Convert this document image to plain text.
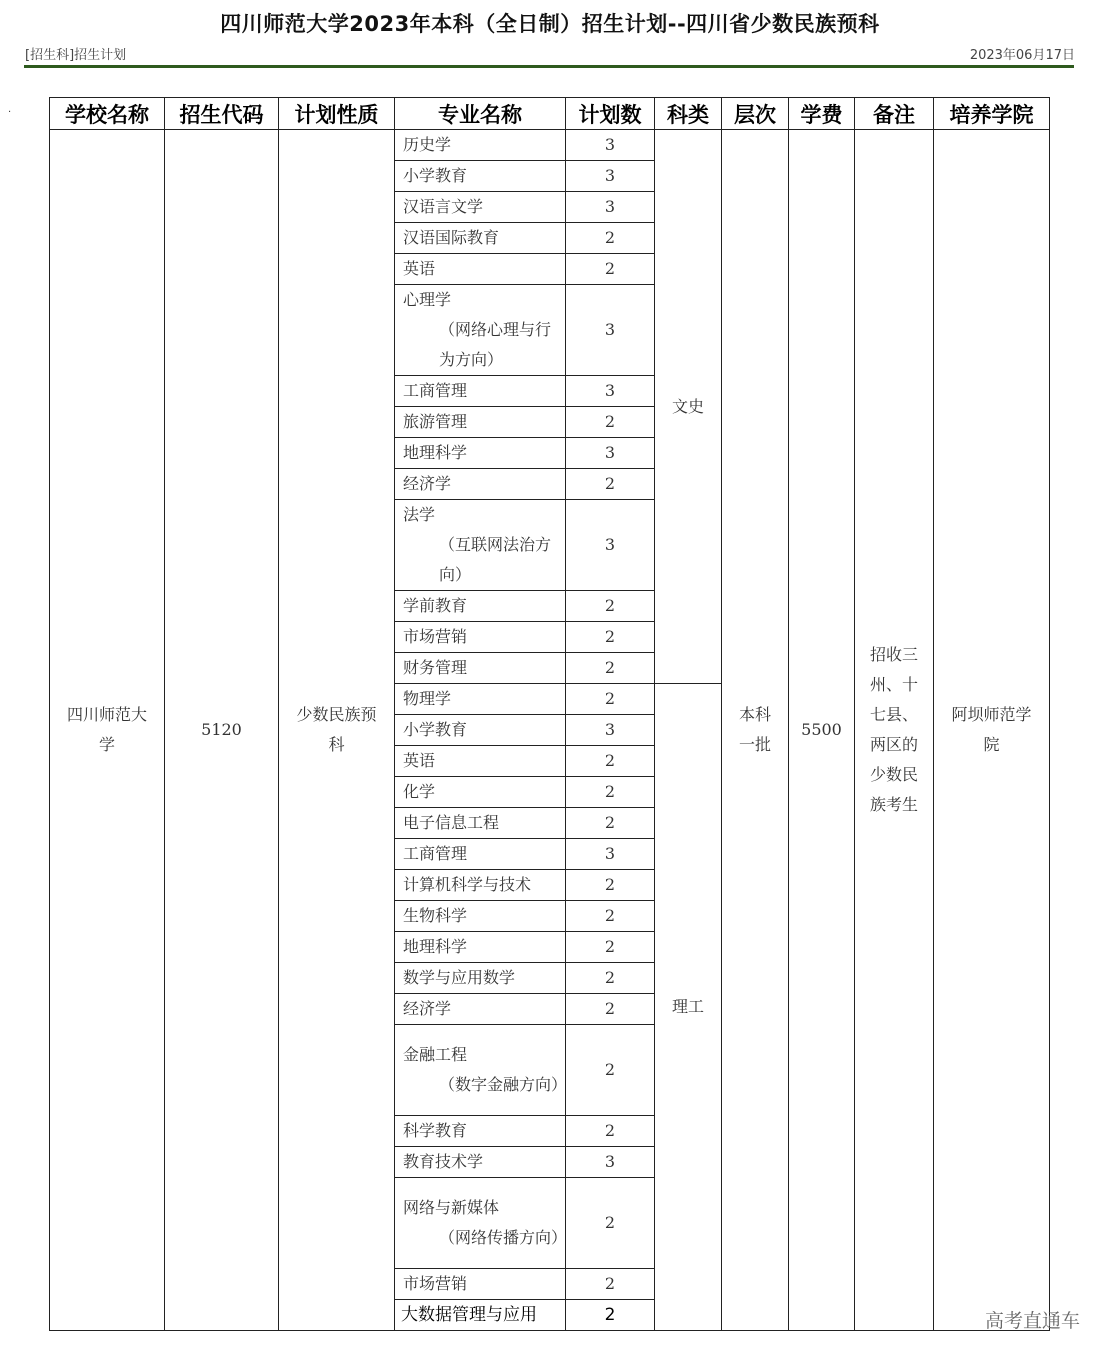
四川师范大学2023年本科（全日制）招生计划--四川省少数民族预科
[招生科]招生计划	2023年06月17日
.	学校名称	招生代码	计划性质	专业名称	计划数	科类	层次	学费	备注	培养学院
四川师范大学	5120	少数民族预科	历史学	3	文史	本科一批	5500	招收三州、十七县、两区的少数民族考生	阿坝师范学院
			小学教育	3					
			汉语言文学	3					
			汉语国际教育	2					
			英语	2					
			心理学
（网络心理与行为方向）	3					
			工商管理	3					
			旅游管理	2					
			地理科学	3					
			经济学	2					
			法学
（互联网法治方向）	3					
			学前教育	2					
			市场营销	2					
			财务管理	2					
			物理学	2	理工				
			小学教育	3					
			英语	2					
			化学	2					
			电子信息工程	2					
			工商管理	3					
			计算机科学与技术	2					
			生物科学	2					
			地理科学	2					
			数学与应用数学	2					
			经济学	2					
			金融工程
（数字金融方向）	2					
			科学教育	2					
			教育技术学	3					
			网络与新媒体
（网络传播方向）	2					
			市场营销	2					
			大数据管理与应用	2						高考直通车
